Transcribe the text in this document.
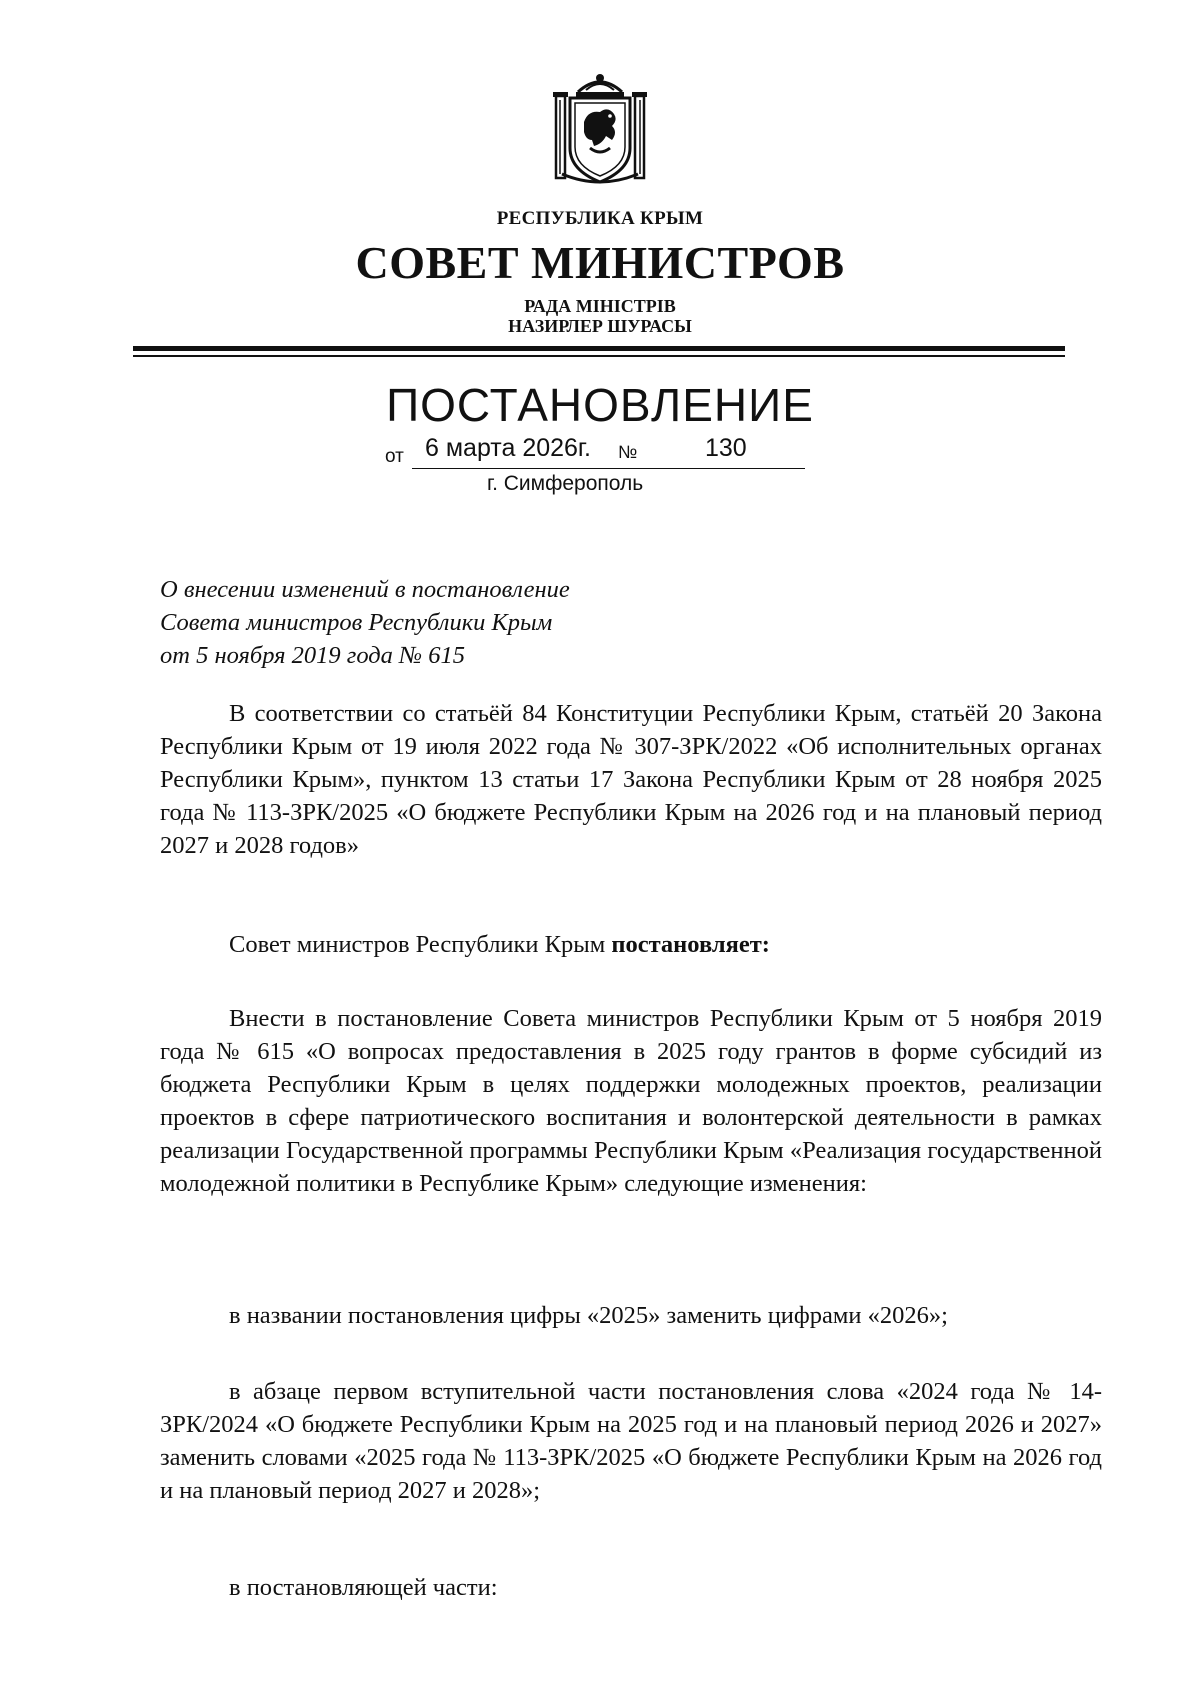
РЕСПУБЛИКА КРЫМ
СОВЕТ МИНИСТРОВ
РАДА МІНІСТРІВ
НАЗИРЛЕР ШУРАСЫ
ПОСТАНОВЛЕНИЕ
от 6 марта 2026г. №	130
г. Симферополь
О внесении изменений в постановление
Совета министров Республики Крым
от 5 ноября 2019 года № 615
В соответствии со статьёй 84 Конституции Республики Крым, статьёй 20 Закона Республики Крым от 19 июля 2022 года № 307-ЗРК/2022 «Об исполнительных органах Республики Крым», пунктом 13 статьи 17 Закона Республики Крым от 28 ноября 2025 года № 113-ЗРК/2025 «О бюджете Республики Крым на 2026 год и на плановый период 2027 и 2028 годов»
Совет министров Республики Крым постановляет:
Внести в постановление Совета министров Республики Крым от 5 ноября 2019 года № 615 «О вопросах предоставления в 2025 году грантов в форме субсидий из бюджета Республики Крым в целях поддержки молодежных проектов, реализации проектов в сфере патриотического воспитания и волонтерской деятельности в рамках реализации Государственной программы Республики Крым «Реализация государственной молодежной политики в Республике Крым» следующие изменения:
в названии постановления цифры «2025» заменить цифрами «2026»;
в абзаце первом вступительной части постановления слова «2024 года № 14-ЗРК/2024 «О бюджете Республики Крым на 2025 год и на плановый период 2026 и 2027» заменить словами «2025 года № 113-ЗРК/2025 «О бюджете Республики Крым на 2026 год и на плановый период 2027 и 2028»;
в постановляющей части:
